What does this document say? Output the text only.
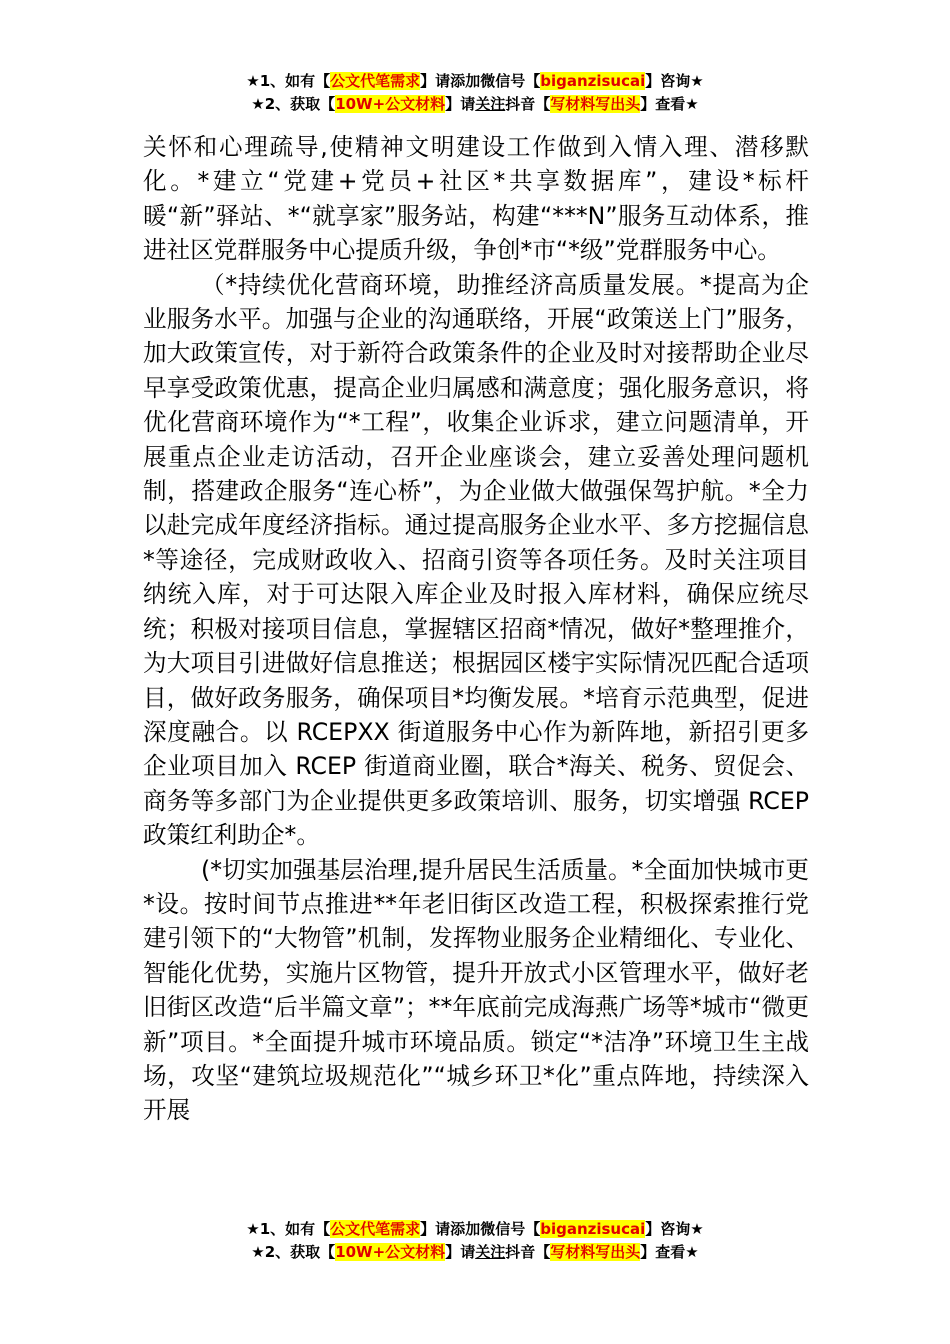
★1、如有【公文代笔需求】请添加微信号【biganzisucai】咨询★
★2、获取【10W+公文材料】请关注抖音【写材料写出头】查看★

关怀和心理疏导,使精神文明建设工作做到入情入理、潜移默化。*建立“党建+党员+社区*共享数据库”，建设*标杆暖“新”驿站、*“就享家”服务站，构建“***N”服务互动体系，推进社区党群服务中心提质升级，争创*市“*级”党群服务中心。

（*持续优化营商环境，助推经济高质量发展。*提高为企业服务水平。加强与企业的沟通联络，开展“政策送上门”服务，加大政策宣传，对于新符合政策条件的企业及时对接帮助企业尽早享受政策优惠，提高企业归属感和满意度；强化服务意识，将优化营商环境作为“*工程”，收集企业诉求，建立问题清单，开展重点企业走访活动，召开企业座谈会，建立妥善处理问题机制，搭建政企服务“连心桥”，为企业做大做强保驾护航。*全力以赴完成年度经济指标。通过提高服务企业水平、多方挖掘信息*等途径，完成财政收入、招商引资等各项任务。及时关注项目纳统入库，对于可达限入库企业及时报入库材料，确保应统尽统；积极对接项目信息，掌握辖区招商*情况，做好*整理推介，为大项目引进做好信息推送；根据园区楼宇实际情况匹配合适项目，做好政务服务，确保项目*均衡发展。*培育示范典型，促进深度融合。以 RCEPXX 街道服务中心作为新阵地，新招引更多企业项目加入 RCEP 街道商业圈，联合*海关、税务、贸促会、商务等多部门为企业提供更多政策培训、服务，切实增强 RCEP 政策红利助企*。

(*切实加强基层治理,提升居民生活质量。*全面加快城市更*设。按时间节点推进**年老旧街区改造工程，积极探索推行党建引领下的“大物管”机制，发挥物业服务企业精细化、专业化、智能化优势，实施片区物管，提升开放式小区管理水平，做好老旧街区改造“后半篇文章”；**年底前完成海燕广场等*城市“微更新”项目。*全面提升城市环境品质。锁定“*洁净”环境卫生主战场，攻坚“建筑垃圾规范化”“城乡环卫*化”重点阵地，持续深入开展

★1、如有【公文代笔需求】请添加微信号【biganzisucai】咨询★
★2、获取【10W+公文材料】请关注抖音【写材料写出头】查看★
